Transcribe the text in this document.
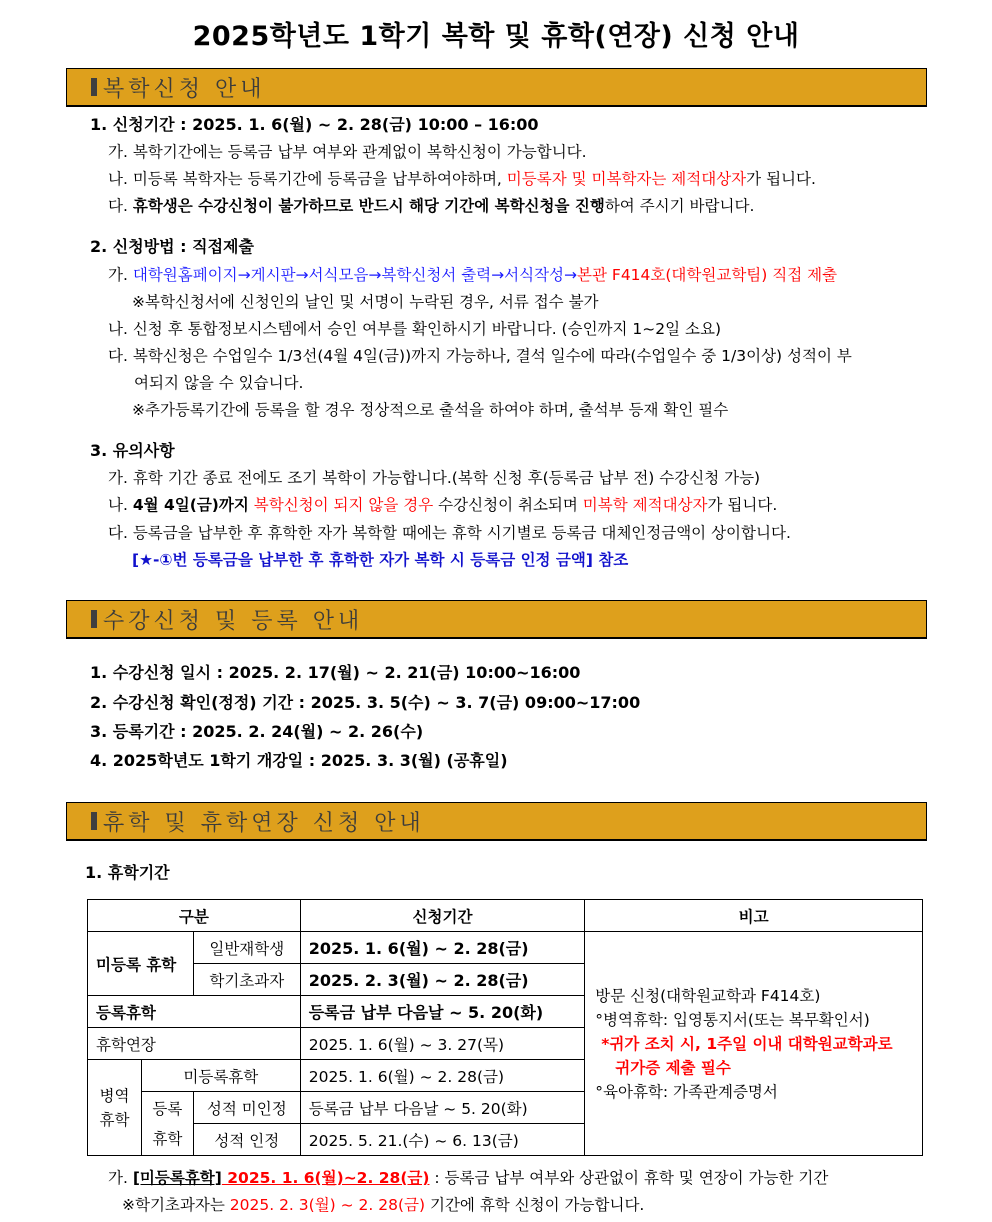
2025학년도 1학기 복학 및 휴학(연장) 신청 안내
복학신청 안내
1. 신청기간 : 2025. 1. 6(월) ~ 2. 28(금) 10:00 – 16:00
가. 복학기간에는 등록금 납부 여부와 관계없이 복학신청이 가능합니다.
나. 미등록 복학자는 등록기간에 등록금을 납부하여야하며, 미등록자 및 미복학자는 제적대상자가 됩니다.
다. 휴학생은 수강신청이 불가하므로 반드시 해당 기간에 복학신청을 진행하여 주시기 바랍니다.
2. 신청방법 : 직접제출
가. 대학원홈페이지→게시판→서식모음→복학신청서 출력→서식작성→본관 F414호(대학원교학팀) 직접 제출
※복학신청서에 신청인의 날인 및 서명이 누락된 경우, 서류 접수 불가
나. 신청 후 통합정보시스템에서 승인 여부를 확인하시기 바랍니다. (승인까지 1~2일 소요)
다. 복학신청은 수업일수 1/3선(4월 4일(금))까지 가능하나, 결석 일수에 따라(수업일수 중 1/3이상) 성적이 부
여되지 않을 수 있습니다.
※추가등록기간에 등록을 할 경우 정상적으로 출석을 하여야 하며, 출석부 등재 확인 필수
3. 유의사항
가. 휴학 기간 종료 전에도 조기 복학이 가능합니다.(복학 신청 후(등록금 납부 전) 수강신청 가능)
나. 4월 4일(금)까지 복학신청이 되지 않을 경우 수강신청이 취소되며 미복학 제적대상자가 됩니다.
다. 등록금을 납부한 후 휴학한 자가 복학할 때에는 휴학 시기별로 등록금 대체인정금액이 상이합니다.
[★-①번 등록금을 납부한 후 휴학한 자가 복학 시 등록금 인정 금액] 참조
수강신청 및 등록 안내
1. 수강신청 일시 : 2025. 2. 17(월) ~ 2. 21(금) 10:00~16:00
2. 수강신청 확인(정정) 기간 : 2025. 3. 5(수) ~ 3. 7(금) 09:00~17:00
3. 등록기간 : 2025. 2. 24(월) ~ 2. 26(수)
4. 2025학년도 1학기 개강일 : 2025. 3. 3(월) (공휴일)
휴학 및 휴학연장 신청 안내
1. 휴학기간
구분			신청기간	비고
미등록 휴학		일반재학생	2025. 1. 6(월) ~ 2. 28(금)	방문 신청(대학원교학과 F414호)
°병역휴학: 입영통지서(또는 복무확인서)
*귀가 조치 시, 1주일 이내 대학원교학과로
귀가증 제출 필수
°육아휴학: 가족관계증명서

		학기초과자	2025. 2. 3(월) ~ 2. 28(금)	
등록휴학			등록금 납부 다음날 ~ 5. 20(화)	
휴학연장			2025. 1. 6(월) ~ 3. 27(목)	
병역 휴학	미등록휴학		2025. 1. 6(월) ~ 2. 28(금)	
	등록 휴학	성적 미인정	등록금 납부 다음날 ~ 5. 20(화)	
		성적 인정	2025. 5. 21.(수) ~ 6. 13(금)	
가. [미등록휴학] 2025. 1. 6(월)~2. 28(금) : 등록금 납부 여부와 상관없이 휴학 및 연장이 가능한 기간
※학기초과자는 2025. 2. 3(월) ~ 2. 28(금) 기간에 휴학 신청이 가능합니다.
